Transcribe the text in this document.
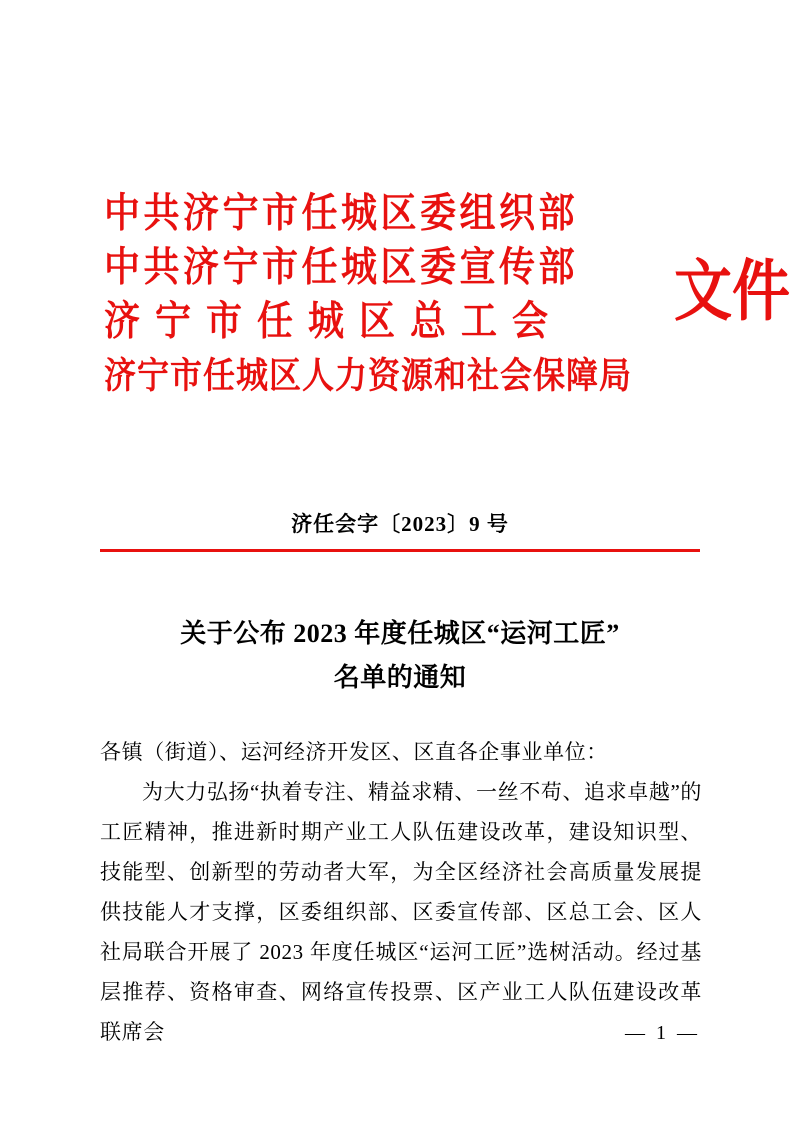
中共济宁市任城区委组织部
中共济宁市任城区委宣传部
济宁市任城区总工会
济宁市任城区人力资源和社会保障局
文件
济任会字〔2023〕9 号
关于公布 2023 年度任城区“运河工匠”
名单的通知

各镇（街道）、运河经济开发区、区直各企事业单位：

为大力弘扬“执着专注、精益求精、一丝不苟、追求卓越”的工匠精神，推进新时期产业工人队伍建设改革，建设知识型、技能型、创新型的劳动者大军，为全区经济社会高质量发展提供技能人才支撑，区委组织部、区委宣传部、区总工会、区人社局联合开展了 2023 年度任城区“运河工匠”选树活动。经过基层推荐、资格审查、网络宣传投票、区产业工人队伍建设改革联席会	— 1 —
